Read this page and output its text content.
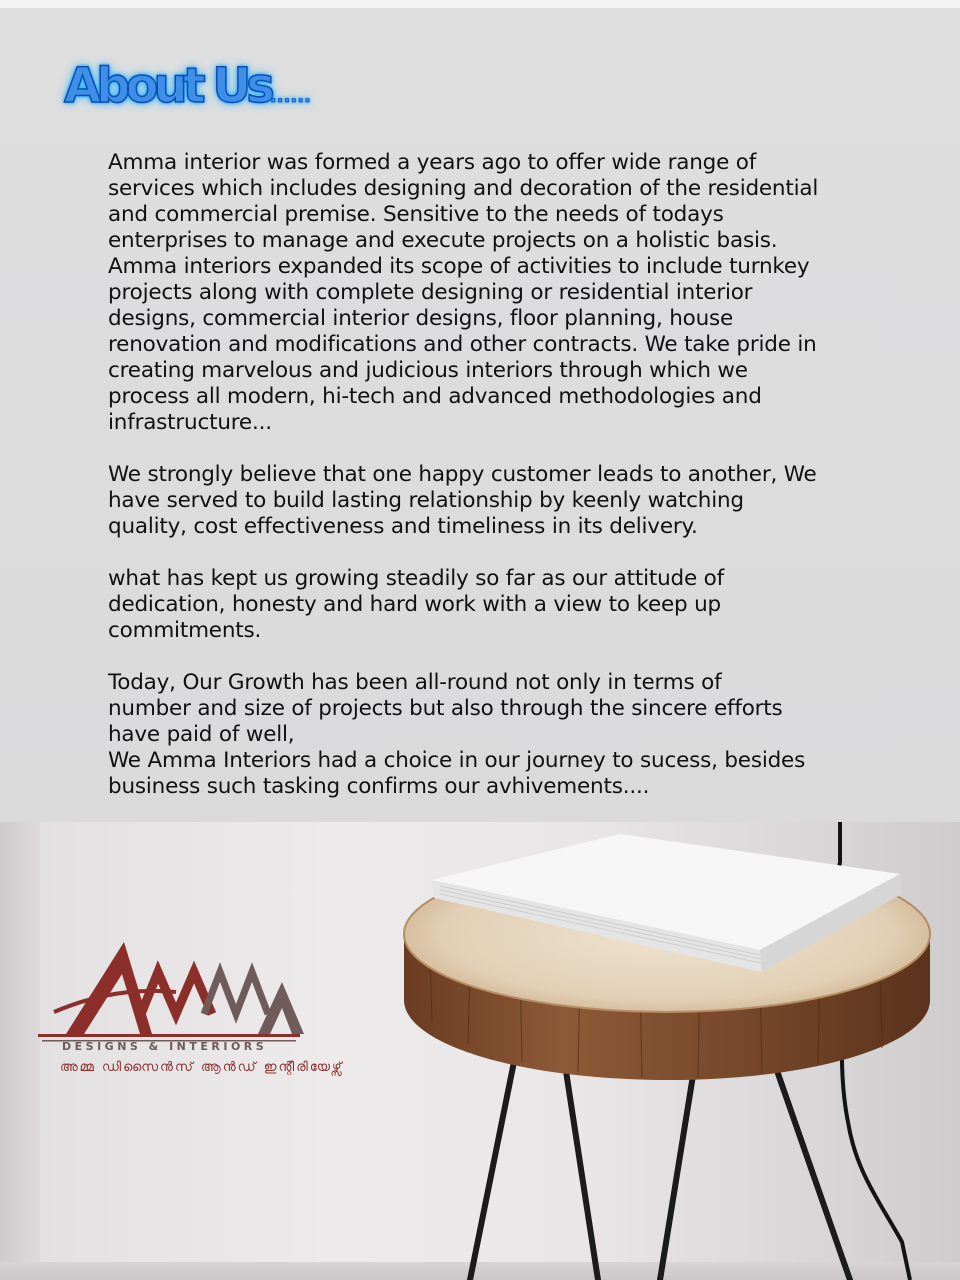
About Us......

Amma interior was formed a years ago to offer wide range of
services which includes designing and decoration of the residential
and commercial premise. Sensitive to the needs of todays
enterprises to manage and execute projects on a holistic basis.
Amma interiors expanded its scope of activities to include turnkey
projects along with complete designing or residential interior
designs, commercial interior designs, floor planning, house
renovation and modifications and other contracts. We take pride in
creating marvelous and judicious interiors through which we
process all modern, hi-tech and advanced methodologies and
infrastructure...

We strongly believe that one happy customer leads to another, We
have served to build lasting relationship by keenly watching
quality, cost effectiveness and timeliness in its delivery.

what has kept us growing steadily so far as our attitude of
dedication, honesty and hard work with a view to keep up
commitments.

Today, Our Growth has been all-round not only in terms of
number and size of projects but also through the sincere efforts
have paid of well,
We Amma Interiors had a choice in our journey to sucess, besides
business such tasking confirms our avhivements....

DESIGNS & INTERIORS

അമ്മ ഡിസൈൻസ് ആൻഡ് ഇന്റീരിയേഴ്സ്
